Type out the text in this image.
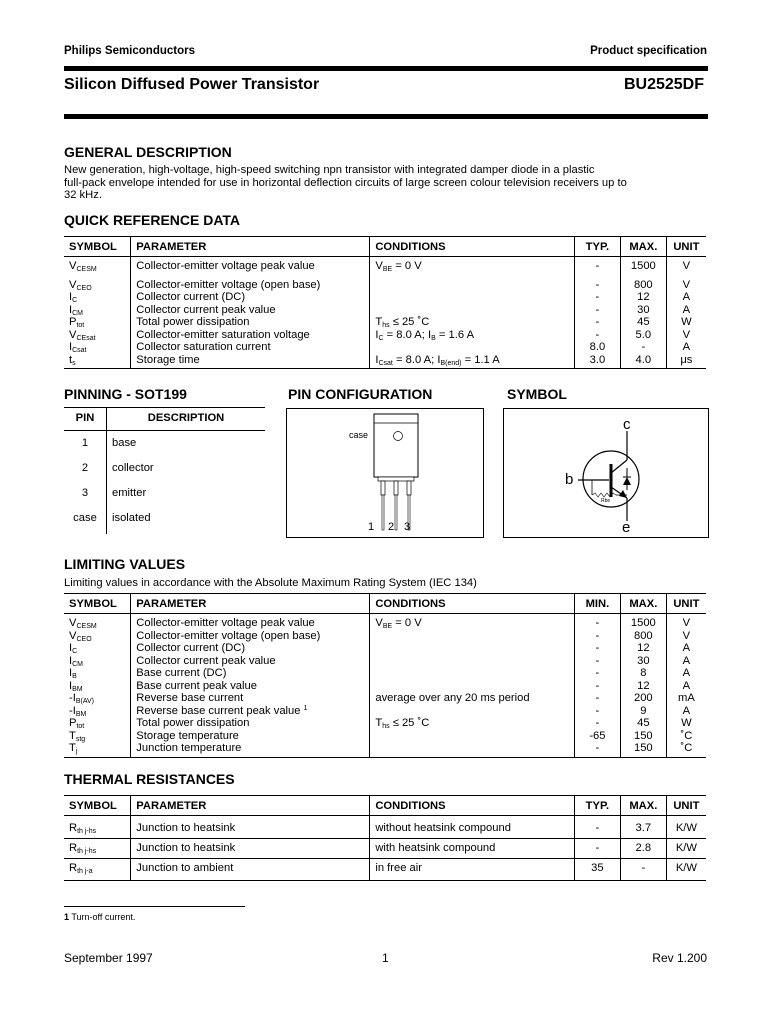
Philips Semiconductors	Product specification
Silicon Diffused Power Transistor	BU2525DF
GENERAL DESCRIPTION
New generation, high-voltage, high-speed switching npn transistor with integrated damper diode in a plastic
full-pack envelope intended for use in horizontal deflection circuits of large screen colour television receivers up to
32 kHz.
QUICK REFERENCE DATA
SYMBOL	PARAMETER	CONDITIONS	TYP.	MAX.	UNIT
$V_{CESM}$	Collector-emitter voltage peak value	$V_{BE} = 0$ V	-	1500	V
$V_{CEO}$	Collector-emitter voltage (open base)		-	800	V
$I_C$	Collector current (DC)		-	12	A
$I_{CM}$	Collector current peak value		-	30	A
$P_{tot}$	Total power dissipation	$T_{hs} \le 25$ ˚C	-	45	W
$V_{CEsat}$	Collector-emitter saturation voltage	$I_C = 8.0$ A; $I_B = 1.6$ A	-	5.0	V
$I_{Csat}$	Collector saturation current		8.0	-	A
$t_s$	Storage time	$I_{Csat} = 8.0$ A; $I_{B(end)} = 1.1$ A	3.0	4.0	μs
PINNING - SOT199	PIN CONFIGURATION	SYMBOL
PIN	DESCRIPTION
1	base
2	collector
3	emitter
case	isolated
case
1 2 3
c
b
e
Rbe
LIMITING VALUES
Limiting values in accordance with the Absolute Maximum Rating System (IEC 134)
SYMBOL	PARAMETER	CONDITIONS	MIN.	MAX.	UNIT
$V_{CESM}$	Collector-emitter voltage peak value	$V_{BE} = 0$ V	-	1500	V
$V_{CEO}$	Collector-emitter voltage (open base)		-	800	V
$I_C$	Collector current (DC)		-	12	A
$I_{CM}$	Collector current peak value		-	30	A
$I_B$	Base current (DC)		-	8	A
$I_{BM}$	Base current peak value		-	12	A
$-I_{B(AV)}$	Reverse base current	average over any 20 ms period	-	200	mA
$-I_{BM}$	Reverse base current peak value $^1$		-	9	A
$P_{tot}$	Total power dissipation	$T_{hs} \le 25$ ˚C	-	45	W
$T_{stg}$	Storage temperature		-65	150	˚C
$T_j$	Junction temperature		-	150	˚C
THERMAL RESISTANCES
SYMBOL	PARAMETER	CONDITIONS	TYP.	MAX.	UNIT
$R_{th j-hs}$	Junction to heatsink	without heatsink compound	-	3.7	K/W
$R_{th j-hs}$	Junction to heatsink	with heatsink compound	-	2.8	K/W
$R_{th j-a}$	Junction to ambient	in free air	35	-	K/W
1 Turn-off current.
September 1997	1	Rev 1.200
